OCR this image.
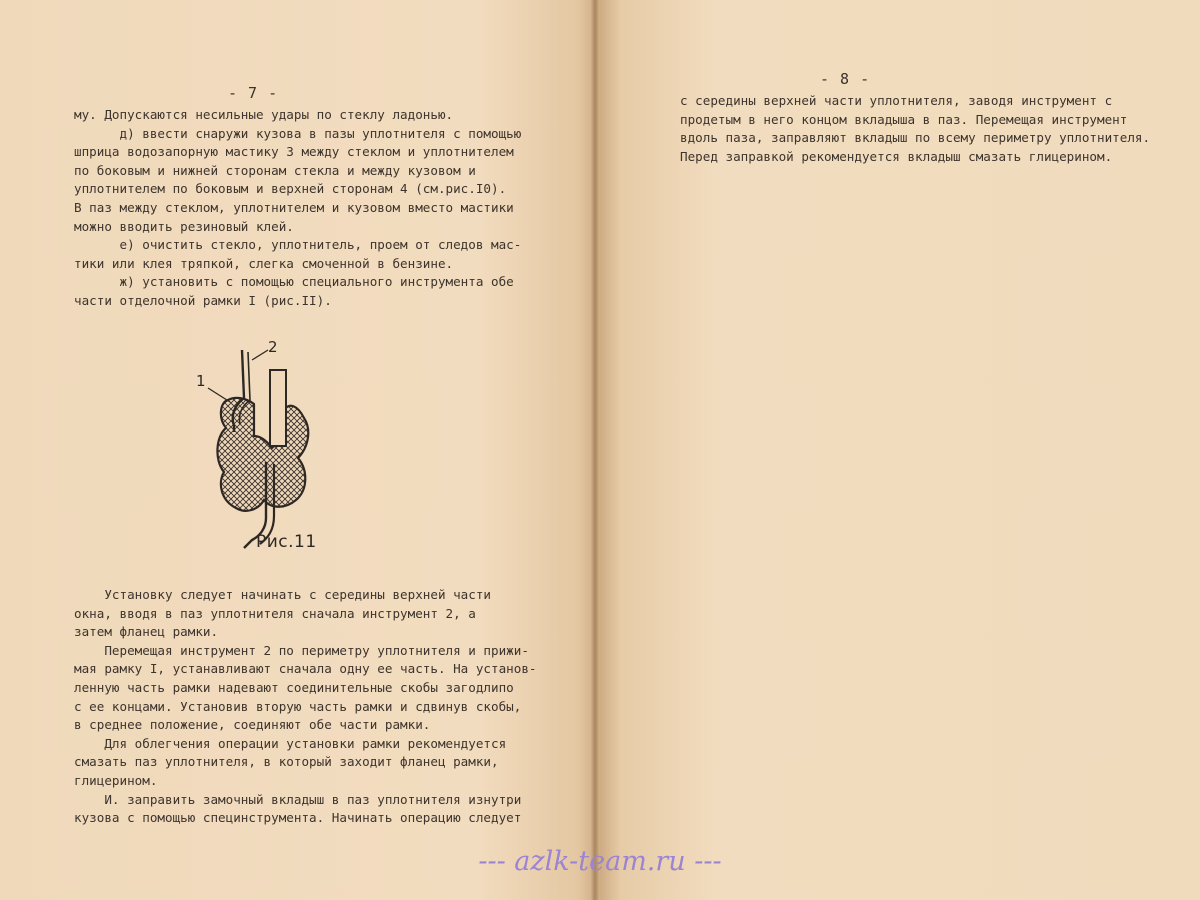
- 7 -
- 8 -
му. Допускаются несильные удары по стеклу ладонью.
д) ввести снаружи кузова в пазы уплотнителя с помощью
шприца водозапорную мастику 3 между стеклом и уплотнителем
по боковым и нижней сторонам стекла и между кузовом и
уплотнителем по боковым и верхней сторонам 4 (см.рис.I0).
В паз между стеклом, уплотнителем и кузовом вместо мастики
можно вводить резиновый клей.
е) очистить стекло, уплотнитель, проем от следов мас-
тики или клея тряпкой, слегка смоченной в бензине.
ж) установить с помощью специального инструмента обе
части отделочной рамки I (рис.II).
1
2
Рис.11
Установку следует начинать с середины верхней части
окна, вводя в паз уплотнителя сначала инструмент 2, а
затем фланец рамки.
Перемещая инструмент 2 по периметру уплотнителя и прижи-
мая рамку I, устанавливают сначала одну ее часть. На установ-
ленную часть рамки надевают соединительные скобы загодлипо
с ее концами. Установив вторую часть рамки и сдвинув скобы,
в среднее положение, соединяют обе части рамки.
Для облегчения операции установки рамки рекомендуется
смазать паз уплотнителя, в который заходит фланец рамки,
глицерином.
И. заправить замочный вкладыш в паз уплотнителя изнутри
кузова с помощью специнструмента. Начинать операцию следует
с середины верхней части уплотнителя, заводя инструмент с
продетым в него концом вкладыша в паз. Перемещая инструмент
вдоль паза, заправляют вкладыш по всему периметру уплотнителя.
Перед заправкой рекомендуется вкладыш смазать глицерином.
--- azlk-team.ru ---
